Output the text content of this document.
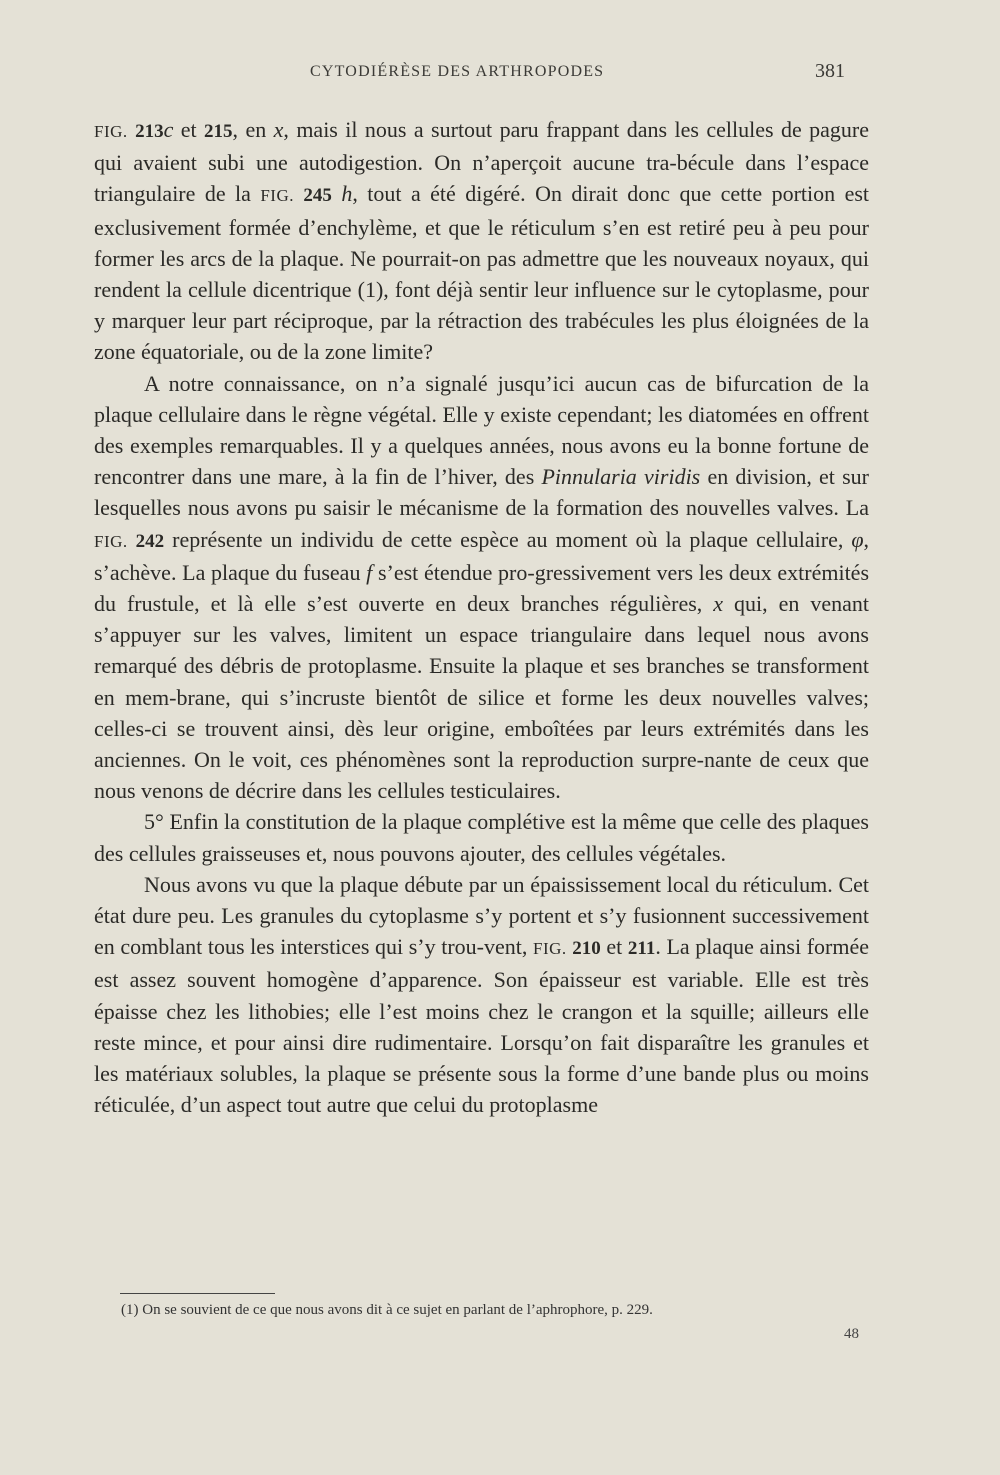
CYTODIÉRÈSE DES ARTHROPODES	381

FIG. 213c et 215, en x, mais il nous a surtout paru frappant dans les cellules de pagure qui avaient subi une autodigestion. On n’aperçoit aucune tra-bécule dans l’espace triangulaire de la FIG. 245 h, tout a été digéré. On dirait donc que cette portion est exclusivement formée d’enchylème, et que le réticulum s’en est retiré peu à peu pour former les arcs de la plaque. Ne pourrait-on pas admettre que les nouveaux noyaux, qui rendent la cellule dicentrique (1), font déjà sentir leur influence sur le cytoplasme, pour y marquer leur part réciproque, par la rétraction des trabécules les plus éloignées de la zone équatoriale, ou de la zone limite?

A notre connaissance, on n’a signalé jusqu’ici aucun cas de bifurcation de la plaque cellulaire dans le règne végétal. Elle y existe cependant; les diatomées en offrent des exemples remarquables. Il y a quelques années, nous avons eu la bonne fortune de rencontrer dans une mare, à la fin de l’hiver, des Pinnularia viridis en division, et sur lesquelles nous avons pu saisir le mécanisme de la formation des nouvelles valves. La FIG. 242 représente un individu de cette espèce au moment où la plaque cellulaire, φ, s’achève. La plaque du fuseau f s’est étendue pro-gressivement vers les deux extrémités du frustule, et là elle s’est ouverte en deux branches régulières, x qui, en venant s’appuyer sur les valves, limitent un espace triangulaire dans lequel nous avons remarqué des débris de protoplasme. Ensuite la plaque et ses branches se transforment en mem-brane, qui s’incruste bientôt de silice et forme les deux nouvelles valves; celles-ci se trouvent ainsi, dès leur origine, emboîtées par leurs extrémités dans les anciennes. On le voit, ces phénomènes sont la reproduction surpre-nante de ceux que nous venons de décrire dans les cellules testiculaires.

5° Enfin la constitution de la plaque complétive est la même que celle des plaques des cellules graisseuses et, nous pouvons ajouter, des cellules végétales.

Nous avons vu que la plaque débute par un épaississement local du réticulum. Cet état dure peu. Les granules du cytoplasme s’y portent et s’y fusionnent successivement en comblant tous les interstices qui s’y trou-vent, FIG. 210 et 211. La plaque ainsi formée est assez souvent homogène d’apparence. Son épaisseur est variable. Elle est très épaisse chez les lithobies; elle l’est moins chez le crangon et la squille; ailleurs elle reste mince, et pour ainsi dire rudimentaire. Lorsqu’on fait disparaître les granules et les matériaux solubles, la plaque se présente sous la forme d’une bande plus ou moins réticulée, d’un aspect tout autre que celui du protoplasme

(1) On se souvient de ce que nous avons dit à ce sujet en parlant de l’aphrophore, p. 229.
48
